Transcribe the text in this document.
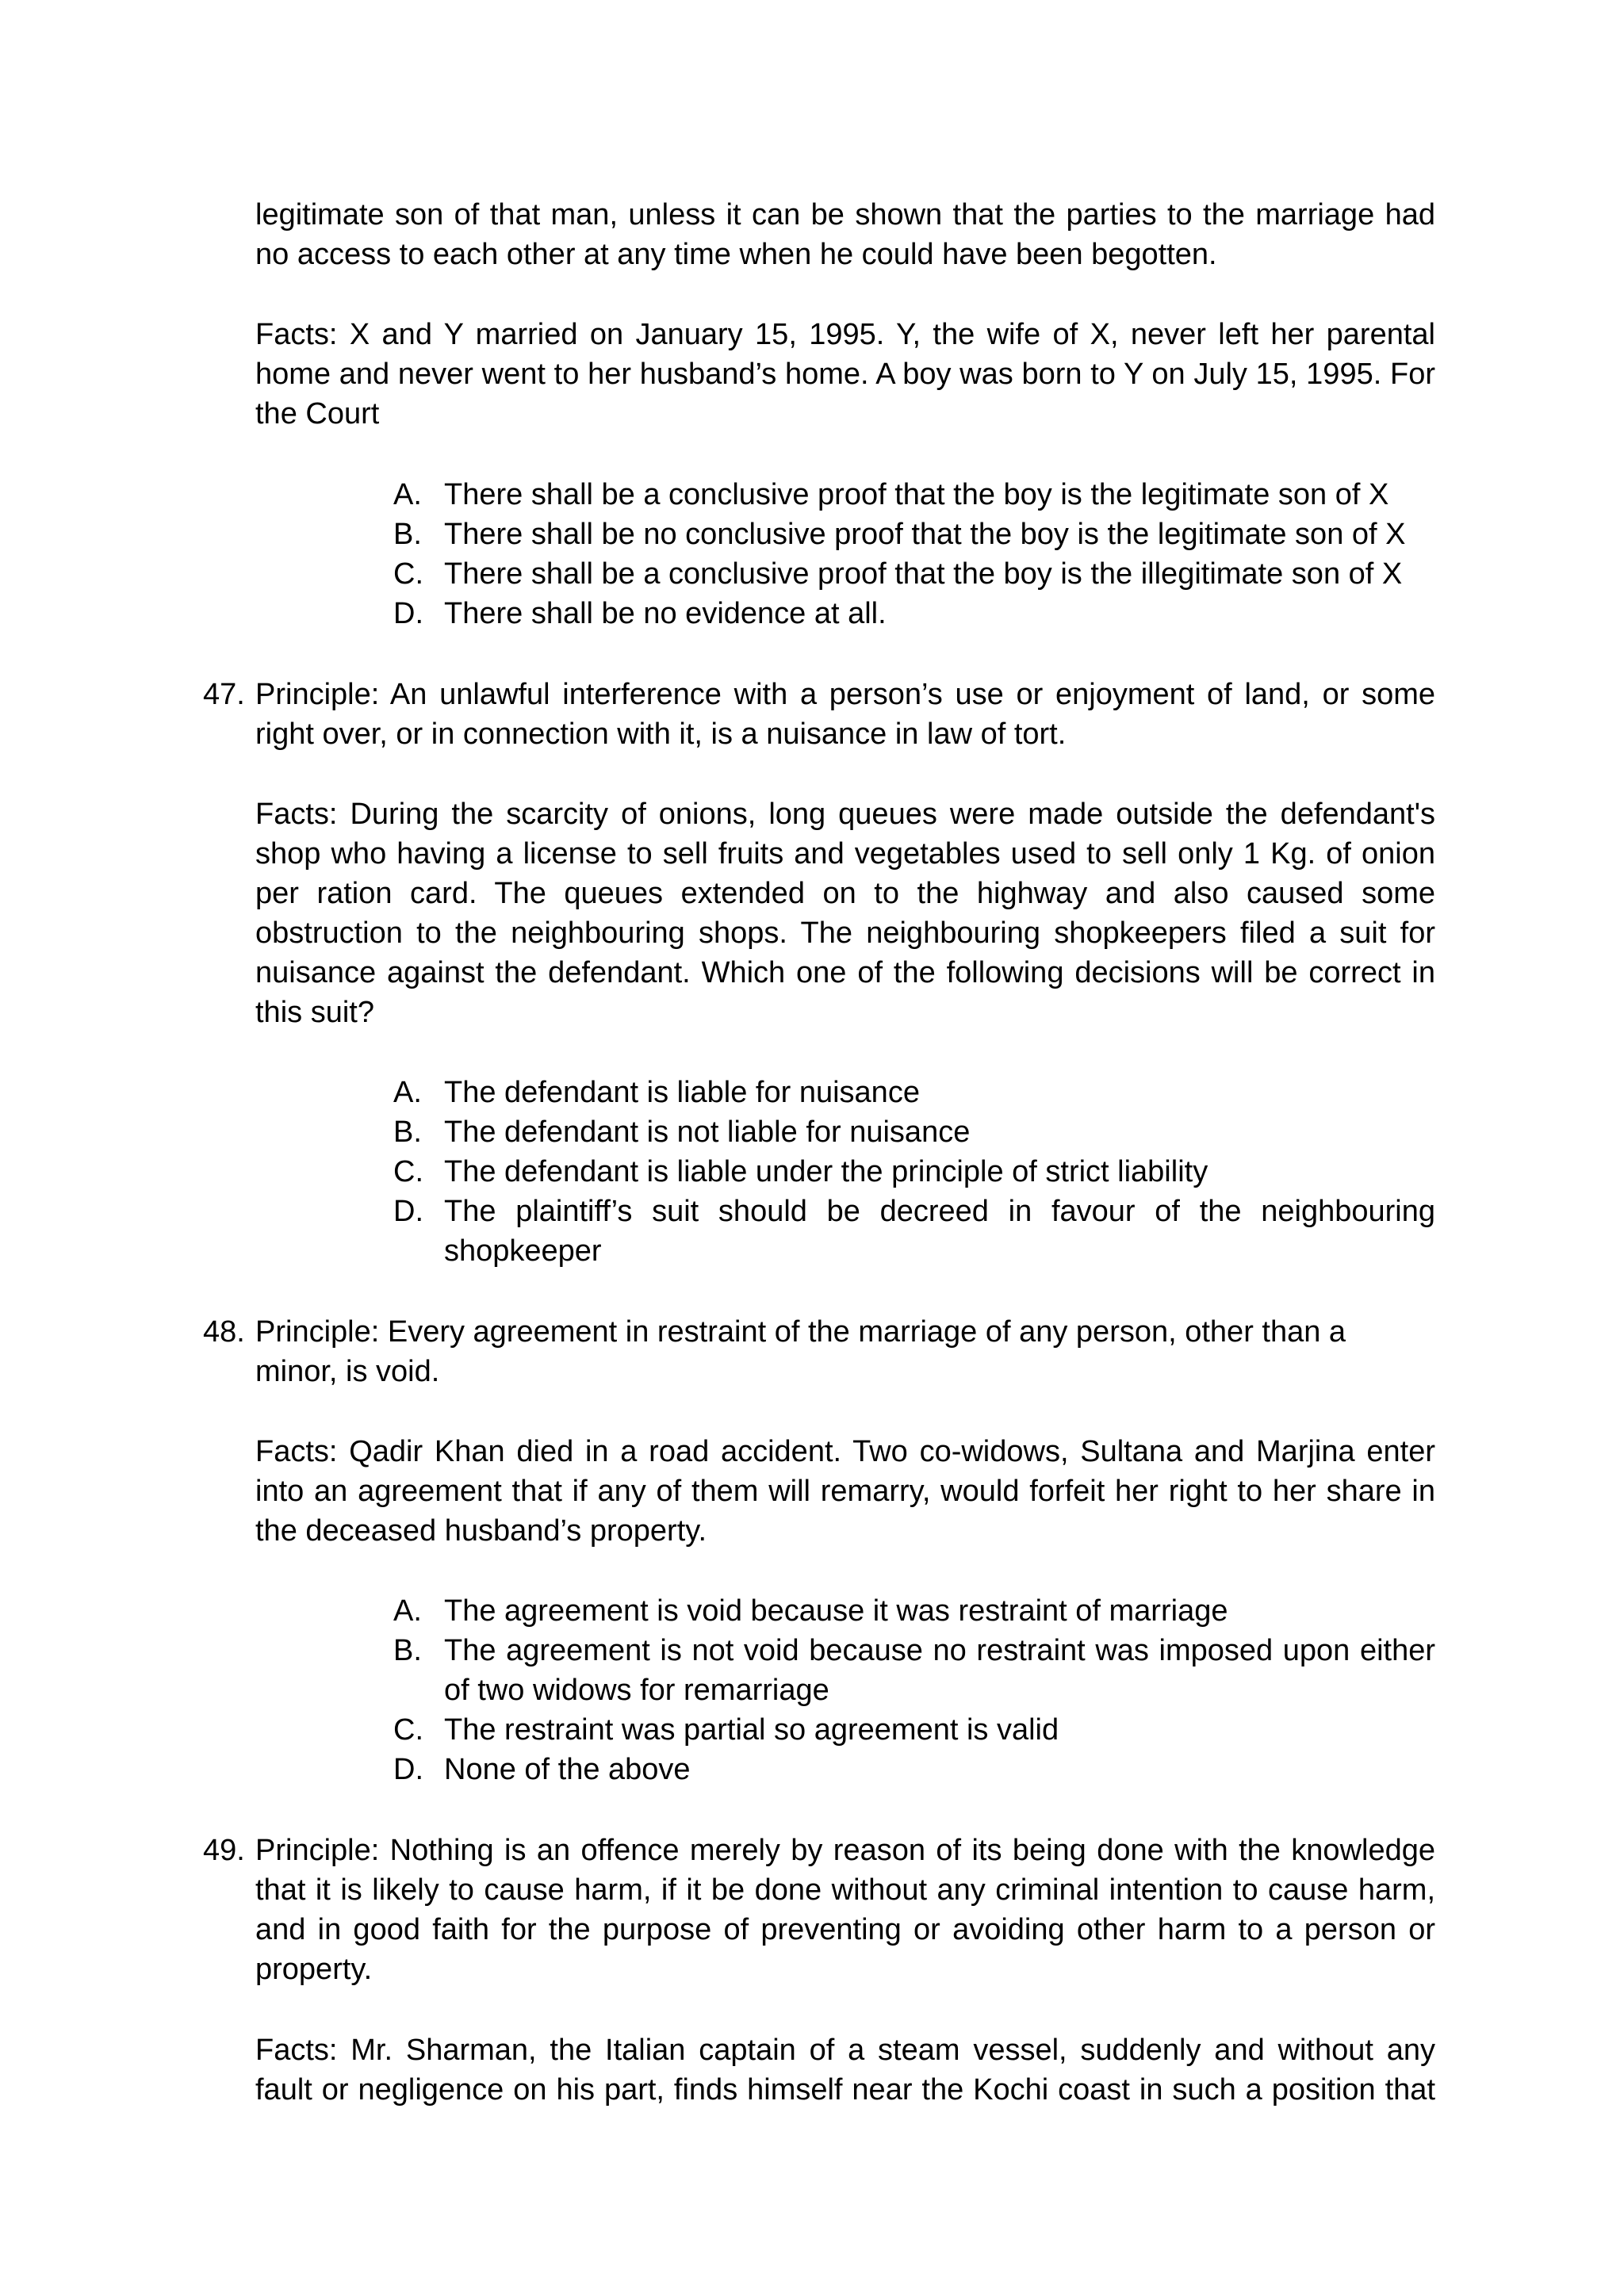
legitimate son of that man, unless it can be shown that the parties to the marriage had no access to each other at any time when he could have been begotten.

Facts: X and Y married on January 15, 1995. Y, the wife of X, never left her parental home and never went to her husband’s home. A boy was born to Y on July 15, 1995. For the Court

A. There shall be a conclusive proof that the boy is the legitimate son of X
B. There shall be no conclusive proof that the boy is the legitimate son of X
C. There shall be a conclusive proof that the boy is the illegitimate son of X
D. There shall be no evidence at all.
47. Principle: An unlawful interference with a person’s use or enjoyment of land, or some right over, or in connection with it, is a nuisance in law of tort.

Facts: During the scarcity of onions, long queues were made outside the defendant's shop who having a license to sell fruits and vegetables used to sell only 1 Kg. of onion per ration card. The queues extended on to the highway and also caused some obstruction to the neighbouring shops. The neighbouring shopkeepers filed a suit for nuisance against the defendant. Which one of the following decisions will be correct in this suit?

A. The defendant is liable for nuisance
B. The defendant is not liable for nuisance
C. The defendant is liable under the principle of strict liability
D. The plaintiff’s suit should be decreed in favour of the neighbouring shopkeeper
48. Principle: Every agreement in restraint of the marriage of any person, other than a

minor, is void.

Facts: Qadir Khan died in a road accident. Two co-widows, Sultana and Marjina enter into an agreement that if any of them will remarry, would forfeit her right to her share in the deceased husband’s property.

A. The agreement is void because it was restraint of marriage
B. The agreement is not void because no restraint was imposed upon either of two widows for remarriage
C. The restraint was partial so agreement is valid
D. None of the above
49. Principle: Nothing is an offence merely by reason of its being done with the knowledge that it is likely to cause harm, if it be done without any criminal intention to cause harm, and in good faith for the purpose of preventing or avoiding other harm to a person or property.

Facts: Mr. Sharman, the Italian captain of a steam vessel, suddenly and without any fault or negligence on his part, finds himself near the Kochi coast in such a position that
